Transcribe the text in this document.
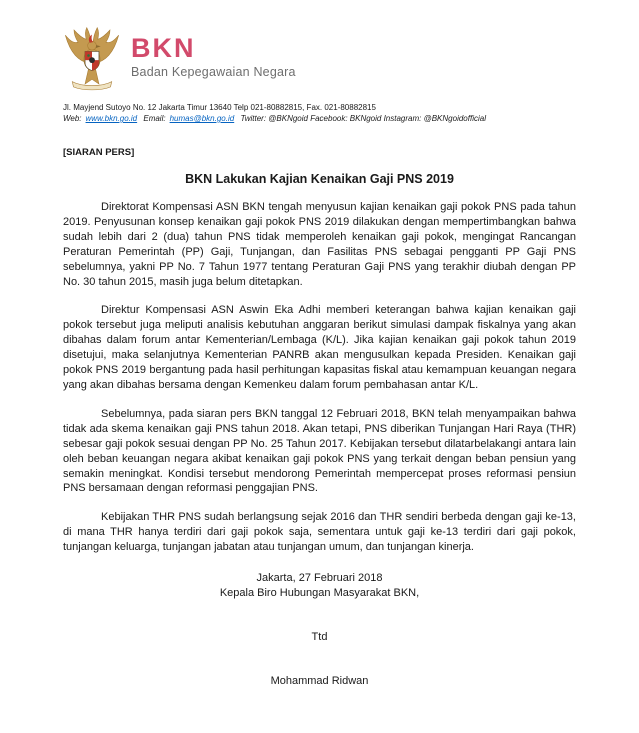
BKN
Badan Kepegawaian Negara
Jl. Mayjend Sutoyo No. 12 Jakarta Timur 13640 Telp 021-80882815, Fax. 021-80882815
Web: www.bkn.go.id Email: humas@bkn.go.id Twitter: @BKNgoid Facebook: BKNgoid Instagram: @BKNgoidofficial
[SIARAN PERS]
BKN Lakukan Kajian Kenaikan Gaji PNS 2019

Direktorat Kompensasi ASN BKN tengah menyusun kajian kenaikan gaji pokok PNS pada tahun 2019. Penyusunan konsep kenaikan gaji pokok PNS 2019 dilakukan dengan mempertimbangkan bahwa sudah lebih dari 2 (dua) tahun PNS tidak memperoleh kenaikan gaji pokok, mengingat Rancangan Peraturan Pemerintah (PP) Gaji, Tunjangan, dan Fasilitas PNS sebagai pengganti PP Gaji PNS sebelumnya, yakni PP No. 7 Tahun 1977 tentang Peraturan Gaji PNS yang terakhir diubah dengan PP No. 30 tahun 2015, masih juga belum ditetapkan.

Direktur Kompensasi ASN Aswin Eka Adhi memberi keterangan bahwa kajian kenaikan gaji pokok tersebut juga meliputi analisis kebutuhan anggaran berikut simulasi dampak fiskalnya yang akan dibahas dalam forum antar Kementerian/Lembaga (K/L). Jika kajian kenaikan gaji pokok tahun 2019 disetujui, maka selanjutnya Kementerian PANRB akan mengusulkan kepada Presiden. Kenaikan gaji pokok PNS 2019 bergantung pada hasil perhitungan kapasitas fiskal atau kemampuan keuangan negara yang akan dibahas bersama dengan Kemenkeu dalam forum pembahasan antar K/L.

Sebelumnya, pada siaran pers BKN tanggal 12 Februari 2018, BKN telah menyampaikan bahwa tidak ada skema kenaikan gaji PNS tahun 2018. Akan tetapi, PNS diberikan Tunjangan Hari Raya (THR) sebesar gaji pokok sesuai dengan PP No. 25 Tahun 2017. Kebijakan tersebut dilatarbelakangi antara lain oleh beban keuangan negara akibat kenaikan gaji pokok PNS yang terkait dengan beban pensiun yang semakin meningkat. Kondisi tersebut mendorong Pemerintah mempercepat proses reformasi pensiun PNS bersamaan dengan reformasi penggajian PNS.

Kebijakan THR PNS sudah berlangsung sejak 2016 dan THR sendiri berbeda dengan gaji ke-13, di mana THR hanya terdiri dari gaji pokok saja, sementara untuk gaji ke-13 terdiri dari gaji pokok, tunjangan keluarga, tunjangan jabatan atau tunjangan umum, dan tunjangan kinerja.

Jakarta, 27 Februari 2018
Kepala Biro Hubungan Masyarakat BKN,
Ttd
Mohammad Ridwan
